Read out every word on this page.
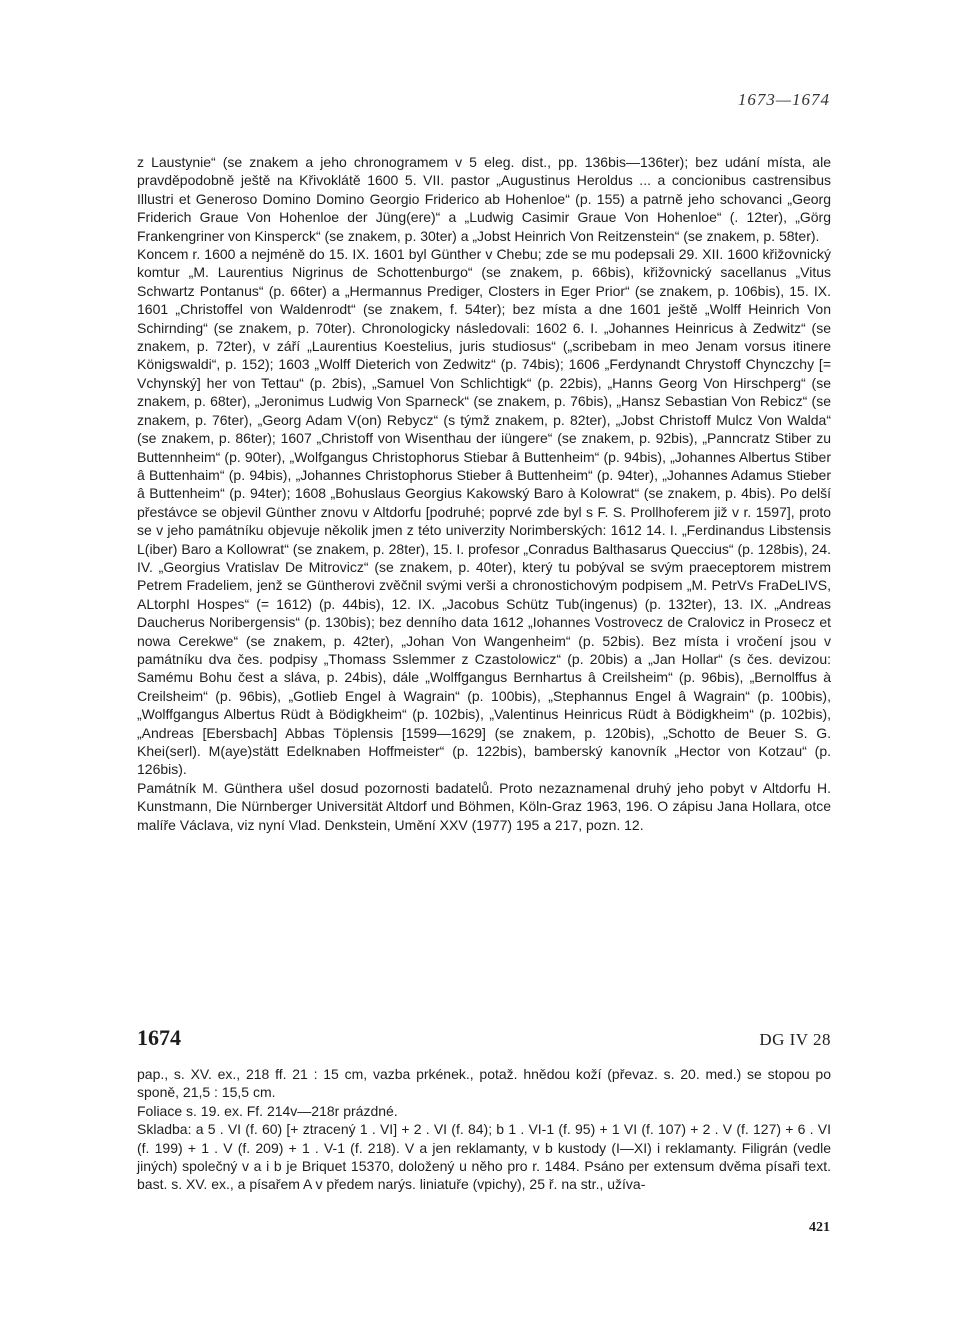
1673—1674

z Laustynie“ (se znakem a jeho chronogramem v 5 eleg. dist., pp. 136bis—136ter); bez udání místa, ale pravděpodobně ještě na Křivoklátě 1600 5. VII. pastor „Augustinus Heroldus ... a concionibus castrensibus Illustri et Generoso Domino Domino Georgio Friderico ab Hohenloe“ (p. 155) a patrně jeho schovanci „Georg Friderich Graue Von Hohenloe der Jüng(ere)“ a „Ludwig Casimir Graue Von Hohenloe“ (. 12ter), „Görg Frankengriner von Kinsperck“ (se znakem, p. 30ter) a „Jobst Heinrich Von Reitzenstein“ (se znakem, p. 58ter).

Koncem r. 1600 a nejméně do 15. IX. 1601 byl Günther v Chebu; zde se mu podepsali 29. XII. 1600 křižovnický komtur „M. Laurentius Nigrinus de Schottenburgo“ (se znakem, p. 66bis), křižovnický sacellanus „Vitus Schwartz Pontanus“ (p. 66ter) a „Hermannus Prediger, Closters in Eger Prior“ (se znakem, p. 106bis), 15. IX. 1601 „Christoffel von Waldenrodt“ (se znakem, f. 54ter); bez místa a dne 1601 ještě „Wolff Heinrich Von Schirnding“ (se znakem, p. 70ter). Chronologicky následovali: 1602 6. I. „Johannes Heinricus à Zedwitz“ (se znakem, p. 72ter), v září „Laurentius Koestelius, juris studiosus“ („scribebam in meo Jenam vorsus itinere Königswaldi“, p. 152); 1603 „Wolff Dieterich von Zedwitz“ (p. 74bis); 1606 „Ferdynandt Chrystoff Chynczchy [= Vchynský] her von Tettau“ (p. 2bis), „Samuel Von Schlichtigk“ (p. 22bis), „Hanns Georg Von Hirschperg“ (se znakem, p. 68ter), „Jeronimus Ludwig Von Sparneck“ (se znakem, p. 76bis), „Hansz Sebastian Von Rebicz“ (se znakem, p. 76ter), „Georg Adam V(on) Rebycz“ (s týmž znakem, p. 82ter), „Jobst Christoff Mulcz Von Walda“ (se znakem, p. 86ter); 1607 „Christoff von Wisenthau der iüngere“ (se znakem, p. 92bis), „Panncratz Stiber zu Buttennheim“ (p. 90ter), „Wolfgangus Christophorus Stiebar â Buttenheim“ (p. 94bis), „Johannes Albertus Stiber â Buttenhaim“ (p. 94bis), „Johannes Christophorus Stieber â Buttenheim“ (p. 94ter), „Johannes Adamus Stieber â Buttenheim“ (p. 94ter); 1608 „Bohuslaus Georgius Kakowský Baro à Kolowrat“ (se znakem, p. 4bis). Po delší přestávce se objevil Günther znovu v Altdorfu [podruhé; poprvé zde byl s F. S. Prollhoferem již v r. 1597], proto se v jeho památníku objevuje několik jmen z této univerzity Norimberských: 1612 14. I. „Ferdinandus Libstensis L(iber) Baro a Kollowrat“ (se znakem, p. 28ter), 15. I. profesor „Conradus Balthasarus Queccius“ (p. 128bis), 24. IV. „Georgius Vratislav De Mitrovicz“ (se znakem, p. 40ter), který tu pobýval se svým praeceptorem mistrem Petrem Fradeliem, jenž se Güntherovi zvěčnil svými verši a chronostichovým podpisem „M. PetrVs FraDeLIVS, ALtorphI Hospes“ (= 1612) (p. 44bis), 12. IX. „Jacobus Schütz Tub(ingenus) (p. 132ter), 13. IX. „Andreas Daucherus Noribergensis“ (p. 130bis); bez denního data 1612 „Iohannes Vostrovecz de Cralovicz in Prosecz et nowa Cerekwe“ (se znakem, p. 42ter), „Johan Von Wangenheim“ (p. 52bis). Bez místa i vročení jsou v památníku dva čes. podpisy „Thomass Sslemmer z Czastolowicz“ (p. 20bis) a „Jan Hollar“ (s čes. devizou: Samému Bohu čest a sláva, p. 24bis), dále „Wolffgangus Bernhartus â Creilsheim“ (p. 96bis), „Bernolffus à Creilsheim“ (p. 96bis), „Gotlieb Engel à Wagrain“ (p. 100bis), „Stephannus Engel â Wagrain“ (p. 100bis), „Wolffgangus Albertus Rüdt à Bödigkheim“ (p. 102bis), „Valentinus Heinricus Rüdt à Bödigkheim“ (p. 102bis), „Andreas [Ebersbach] Abbas Töplensis [1599—1629] (se znakem, p. 120bis), „Schotto de Beuer S. G. Khei(serl). M(aye)stätt Edelknaben Hoffmeister“ (p. 122bis), bamberský kanovník „Hector von Kotzau“ (p. 126bis).

Památník M. Günthera ušel dosud pozornosti badatelů. Proto nezaznamenal druhý jeho pobyt v Altdorfu H. Kunstmann, Die Nürnberger Universität Altdorf und Böhmen, Köln-Graz 1963, 196. O zápisu Jana Hollara, otce malíře Václava, viz nyní Vlad. Denkstein, Umění XXV (1977) 195 a 217, pozn. 12.

1674	DG IV 28

pap., s. XV. ex., 218 ff. 21 : 15 cm, vazba prkének., potaž. hnědou koží (převaz. s. 20. med.) se stopou po sponě, 21,5 : 15,5 cm.

Foliace s. 19. ex. Ff. 214v—218r prázdné.

Skladba: a 5 . VI (f. 60) [+ ztracený 1 . VI] + 2 . VI (f. 84); b 1 . VI-1 (f. 95) + 1 VI (f. 107) + 2 . V (f. 127) + 6 . VI (f. 199) + 1 . V (f. 209) + 1 . V-1 (f. 218). V a jen reklamanty, v b kustody (I—XI) i reklamanty. Filigrán (vedle jiných) společný v a i b je Briquet 15370, doložený u něho pro r. 1484. Psáno per extensum dvěma písaři text. bast. s. XV. ex., a písařem A v předem narýs. liniatuře (vpichy), 25 ř. na str., užíva-

421
